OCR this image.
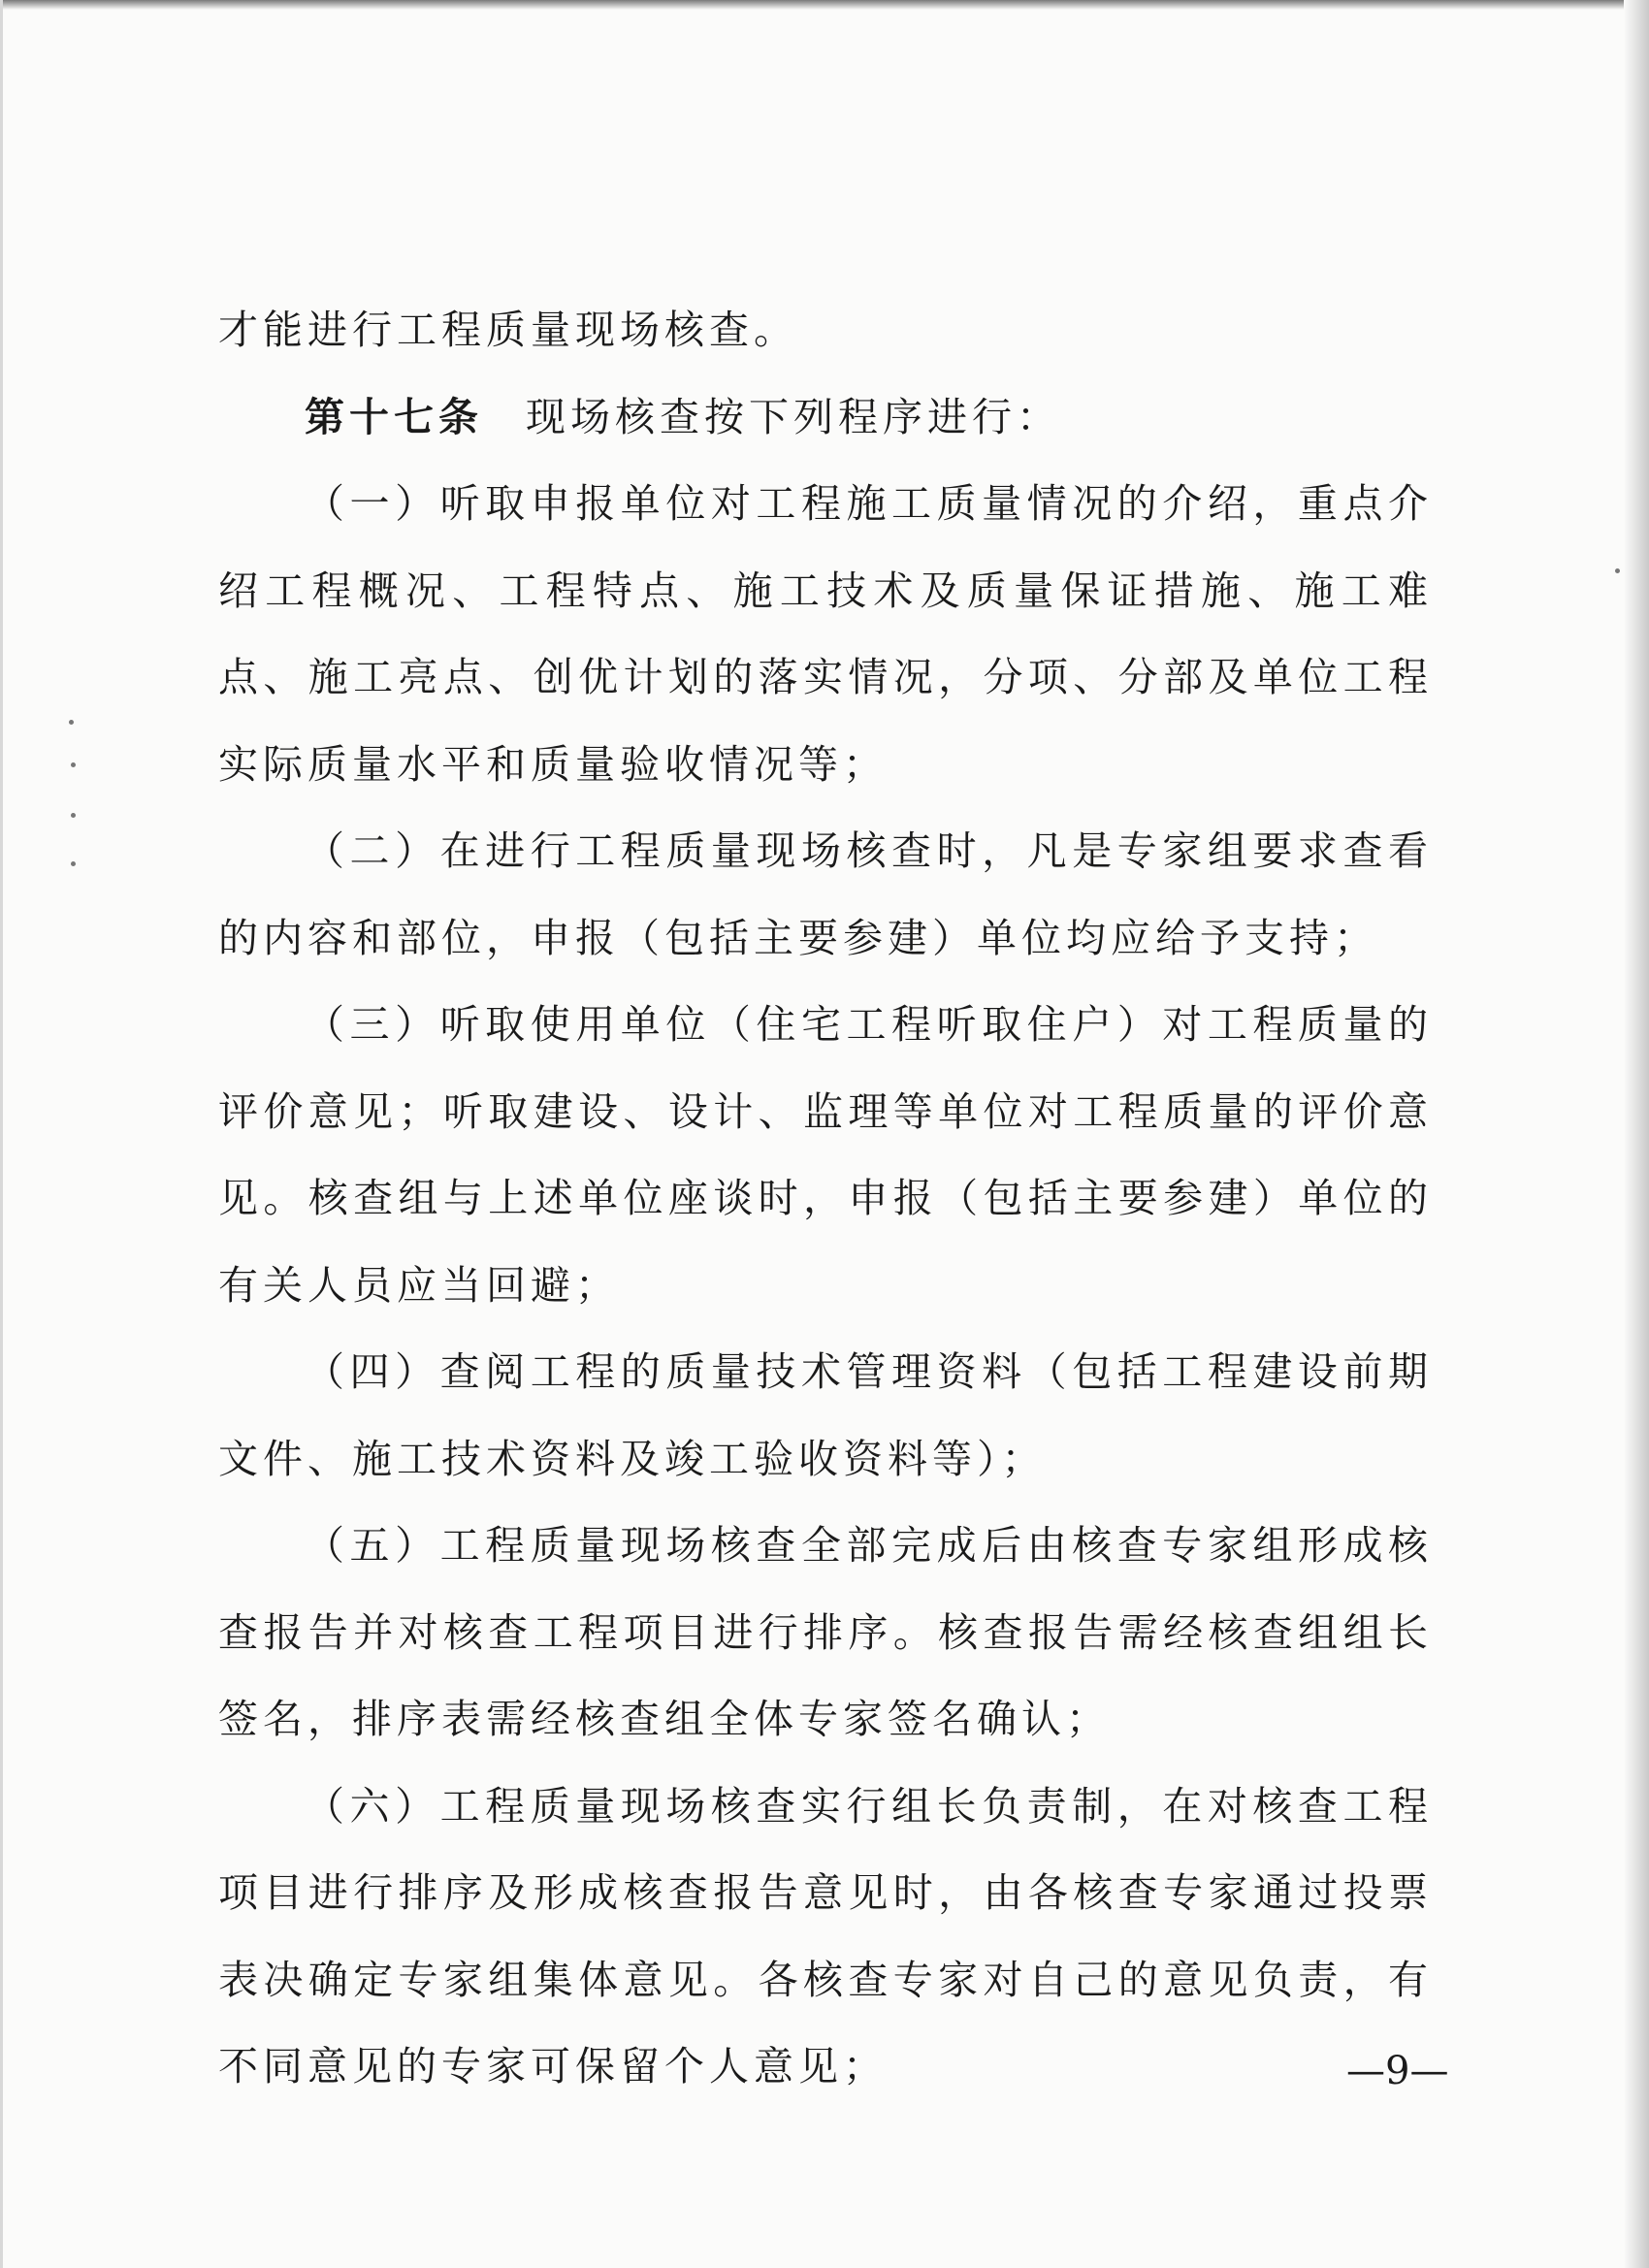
才能进行工程质量现场核查。

第十七条 现场核查按下列程序进行：

（一）听取申报单位对工程施工质量情况的介绍，重点介绍工程概况、工程特点、施工技术及质量保证措施、施工难点、施工亮点、创优计划的落实情况，分项、分部及单位工程实际质量水平和质量验收情况等；

（二）在进行工程质量现场核查时，凡是专家组要求查看的内容和部位，申报（包括主要参建）单位均应给予支持；

（三）听取使用单位（住宅工程听取住户）对工程质量的评价意见；听取建设、设计、监理等单位对工程质量的评价意见。核查组与上述单位座谈时，申报（包括主要参建）单位的有关人员应当回避；

（四）查阅工程的质量技术管理资料（包括工程建设前期文件、施工技术资料及竣工验收资料等）；

（五）工程质量现场核查全部完成后由核查专家组形成核查报告并对核查工程项目进行排序。核查报告需经核查组组长签名，排序表需经核查组全体专家签名确认；

（六）工程质量现场核查实行组长负责制，在对核查工程项目进行排序及形成核查报告意见时，由各核查专家通过投票表决确定专家组集体意见。各核查专家对自己的意见负责，有不同意见的专家可保留个人意见；	—9—
